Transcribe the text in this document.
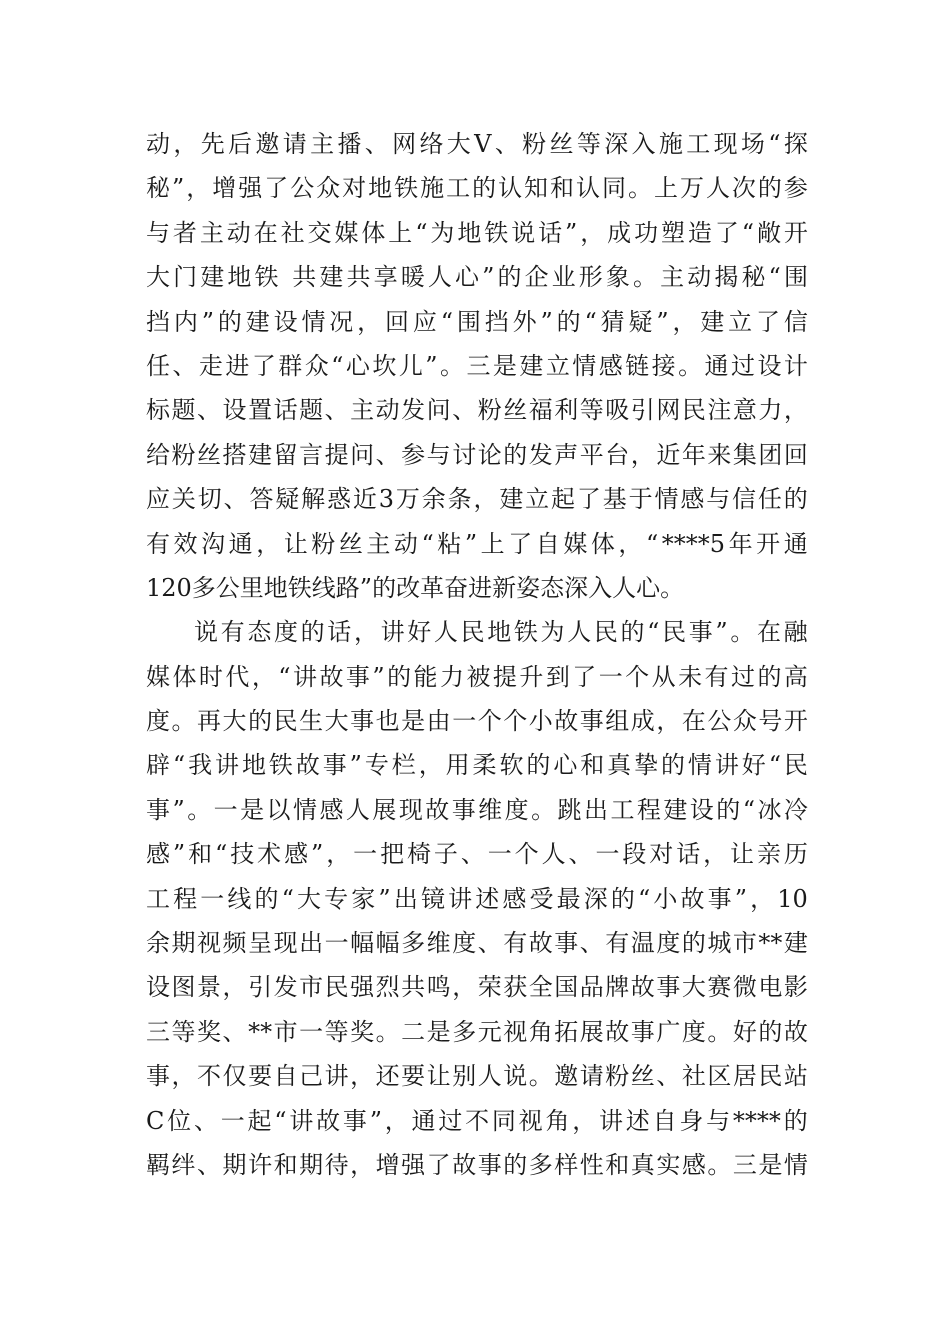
动 ， 先 后 邀 请 主 播 、 网 络 大 V 、 粉 丝 等 深 入 施 工 现 场 “ 探
秘 ” ， 增 强 了 公 众 对 地 铁 施 工 的 认 知 和 认 同 。 上 万 人 次 的 参
与 者 主 动 在 社 交 媒 体 上 “ 为 地 铁 说 话 ” ， 成 功 塑 造 了 “ 敞 开
大 门 建 地 铁
共 建 共 享 暖 人 心 ” 的 企 业 形 象 。 主 动 揭 秘 “ 围
挡 内 ” 的 建 设 情 况 ， 回 应 “ 围 挡 外 ” 的 “ 猜 疑 ” ， 建 立 了 信
任 、 走 进 了 群 众 “ 心 坎 儿 ” 。 三 是 建 立 情 感 链 接 。 通 过 设 计
标 题 、 设 置 话 题 、 主 动 发 问 、 粉 丝 福 利 等 吸 引 网 民 注 意 力 ，
给 粉 丝 搭 建 留 言 提 问 、 参 与 讨 论 的 发 声 平 台 ， 近 年 来 集 团 回
应 关 切 、 答 疑 解 惑 近 3 万 余 条 ， 建 立 起 了 基 于 情 感 与 信 任 的
有 效 沟 通 ， 让 粉 丝 主 动 “ 粘 ” 上 了 自 媒 体 ， “ ****5 年 开 通
120多公里地铁线路”的改革奋进新姿态深入人心。
说 有 态 度 的 话 ， 讲 好 人 民 地 铁 为 人 民 的 “ 民 事 ” 。 在 融
媒 体 时 代 ， “ 讲 故 事 ” 的 能 力 被 提 升 到 了 一 个 从 未 有 过 的 高
度 。 再 大 的 民 生 大 事 也 是 由 一 个 个 小 故 事 组 成 ， 在 公 众 号 开
辟 “ 我 讲 地 铁 故 事 ” 专 栏 ， 用 柔 软 的 心 和 真 挚 的 情 讲 好 “ 民
事 ” 。 一 是 以 情 感 人 展 现 故 事 维 度 。 跳 出 工 程 建 设 的 “ 冰 冷
感 ” 和 “ 技 术 感 ” ， 一 把 椅 子 、 一 个 人 、 一 段 对 话 ， 让 亲 历
工 程 一 线 的 “ 大 专 家 ” 出 镜 讲 述 感 受 最 深 的 “ 小 故 事 ” ， 10
余 期 视 频 呈 现 出 一 幅 幅 多 维 度 、 有 故 事 、 有 温 度 的 城 市 ** 建
设 图 景 ， 引 发 市 民 强 烈 共 鸣 ， 荣 获 全 国 品 牌 故 事 大 赛 微 电 影
三 等 奖 、 ** 市 一 等 奖 。 二 是 多 元 视 角 拓 展 故 事 广 度 。 好 的 故
事 ， 不 仅 要 自 己 讲 ， 还 要 让 别 人 说 。 邀 请 粉 丝 、 社 区 居 民 站
C 位 、 一 起 “ 讲 故 事 ” ， 通 过 不 同 视 角 ， 讲 述 自 身 与 **** 的
羁 绊 、 期 许 和 期 待 ， 增 强 了 故 事 的 多 样 性 和 真 实 感 。 三 是 情
